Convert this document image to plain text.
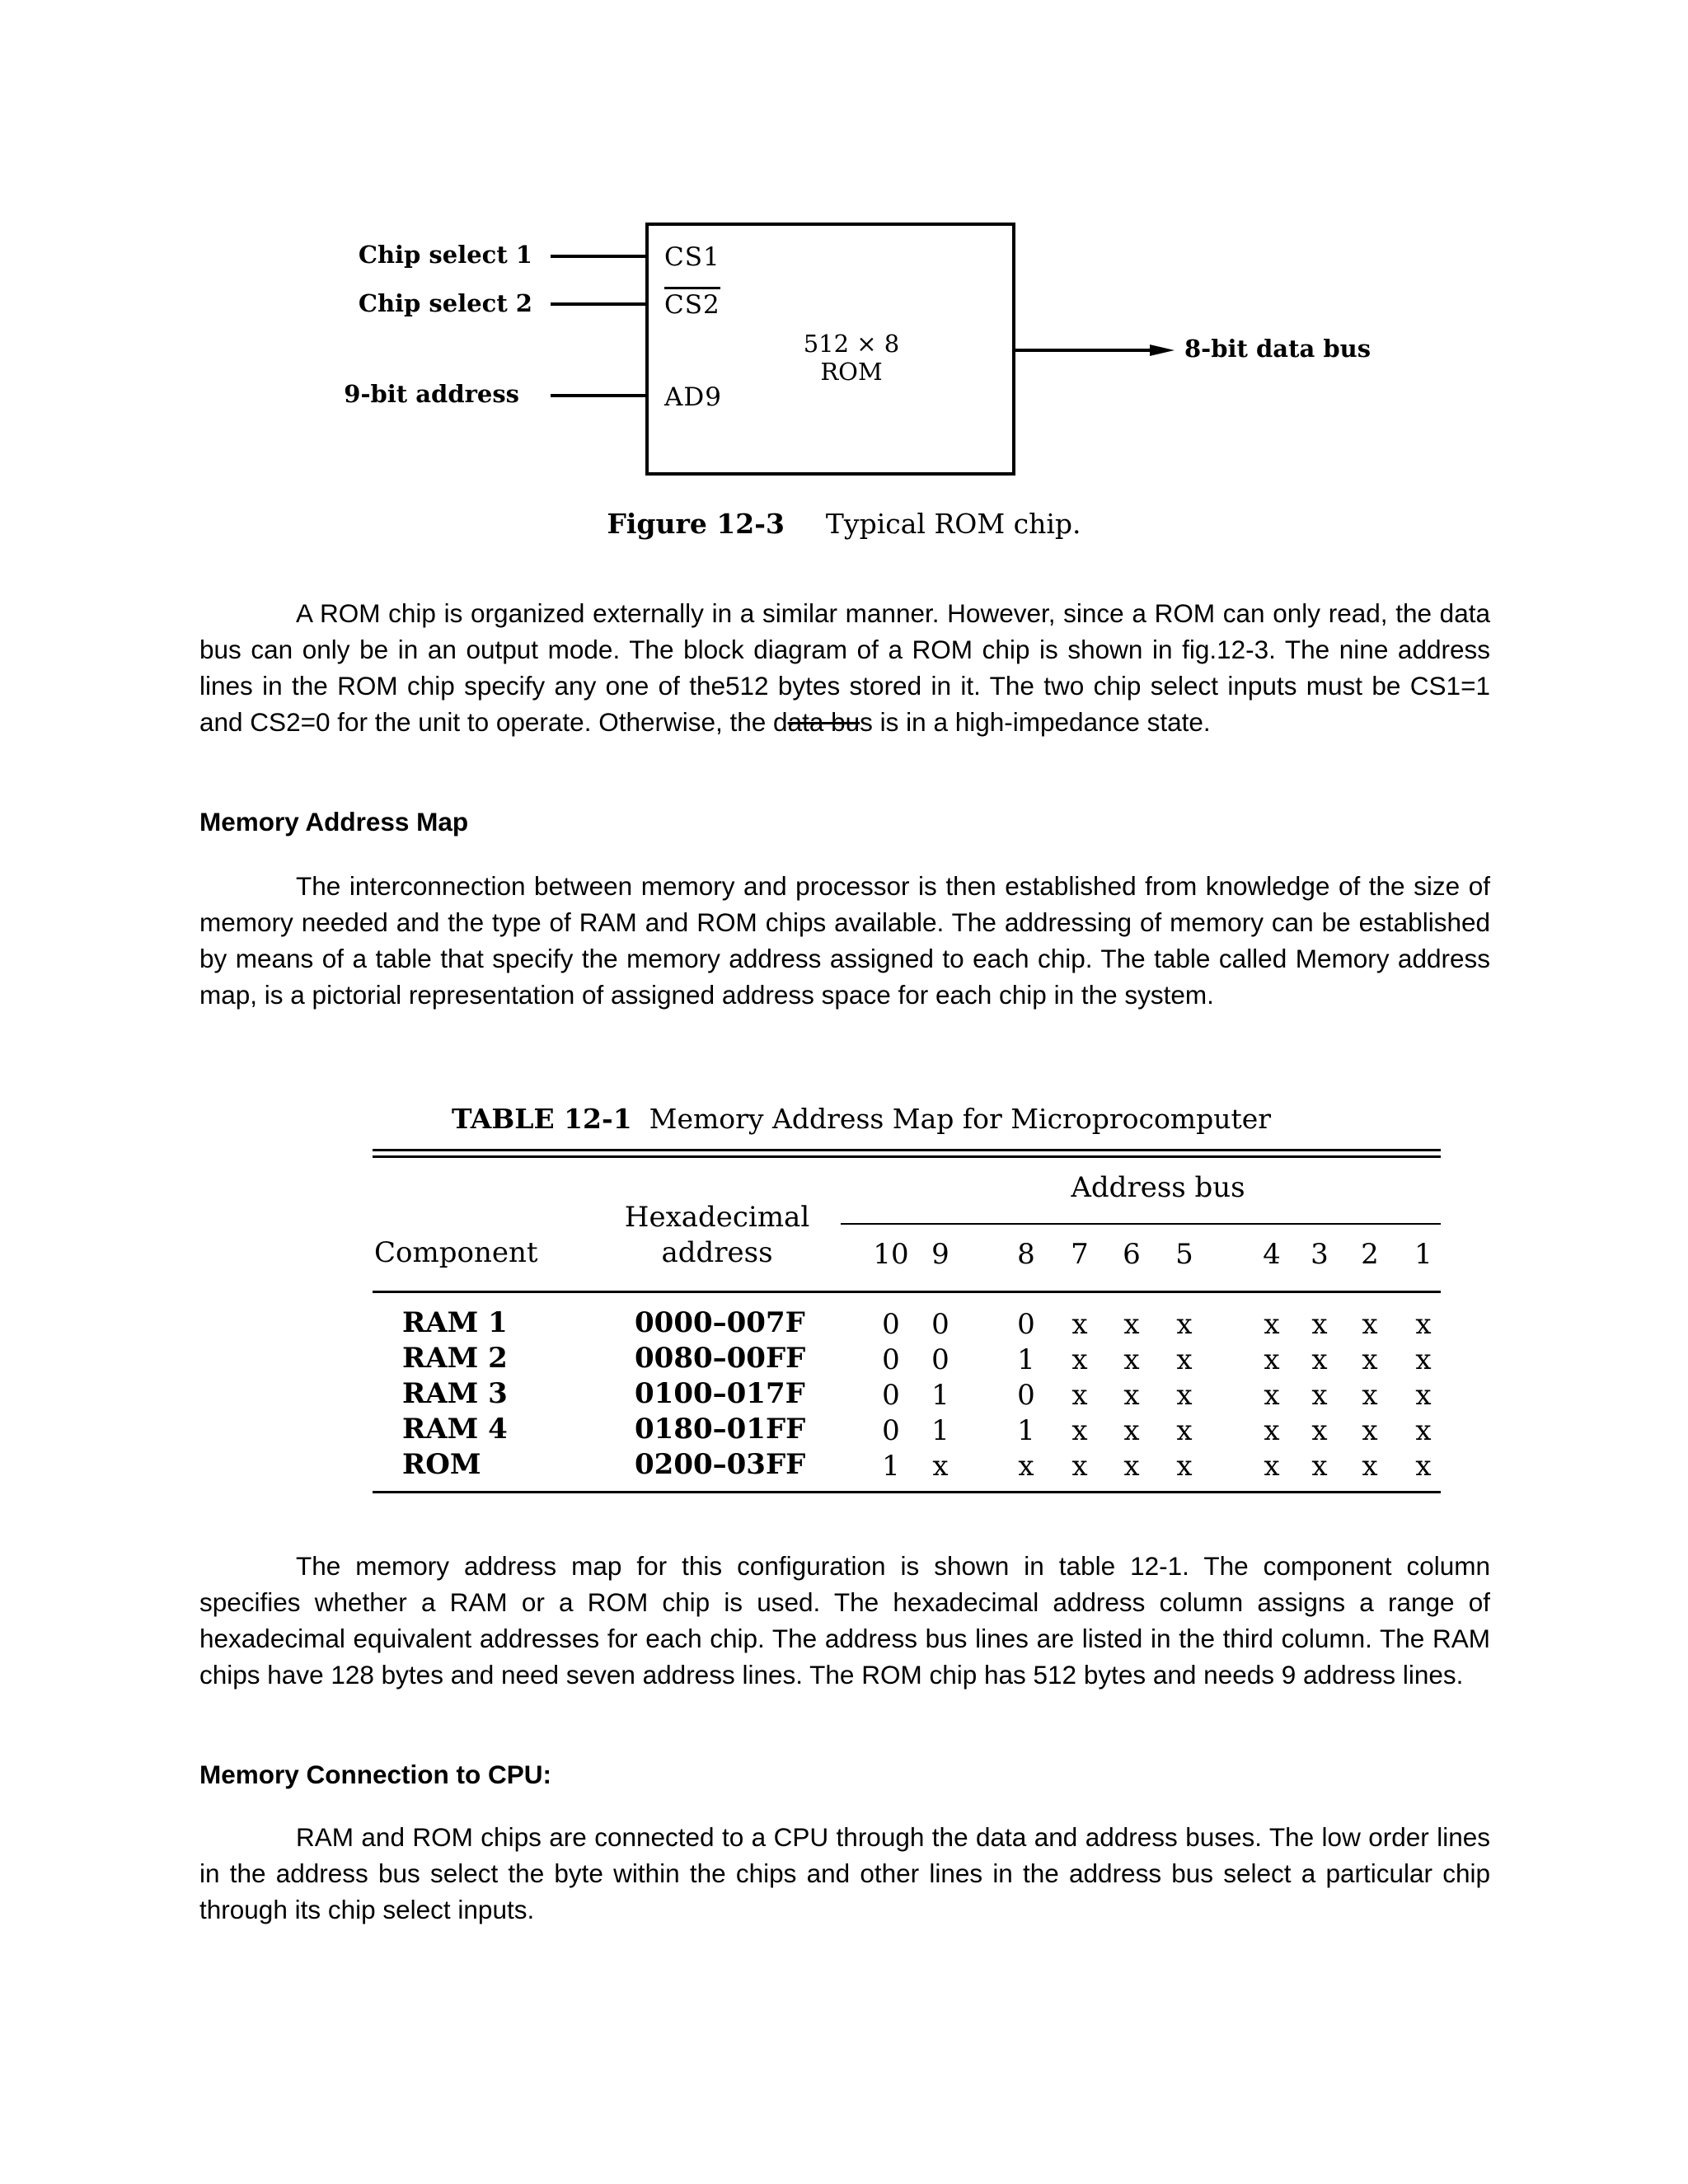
Chip select 1
Chip select 2
9-bit address
8-bit data bus
CS1
CS2
AD9
512 × 8
ROM
Figure 12-3 Typical ROM chip.

A ROM chip is organized externally in a similar manner. However, since a ROM can only read, the data bus can only be in an output mode. The block diagram of a ROM chip is shown in fig.12-3. The nine address lines in the ROM chip specify any one of the512 bytes stored in it. The two chip select inputs must be CS1=1 and CS2=0 for the unit to operate. Otherwise, the data bus is in a high-impedance state.

Memory Address Map

The interconnection between memory and processor is then established from knowledge of the size of memory needed and the type of RAM and ROM chips available. The addressing of memory can be established by means of a table that specify the memory address assigned to each chip. The table called Memory address map, is a pictorial representation of assigned address space for each chip in the system.

TABLE 12-1 Memory Address Map for Microprocomputer
Address bus
Hexadecimal
address
Component	10 9 8 7 6 5 4 3 2 1
RAM 1	0000–007F	0 0 0 x x x	x x x x
RAM 2	0080–00FF	0 0 1 x x x	x x x x
RAM 3	0100–017F	0 1 0 x x x	x x x x
RAM 4	0180–01FF	0 1 1 x x x	x x x x
ROM	0200–03FF	1 x x x x x	x x x x

The memory address map for this configuration is shown in table 12-1. The component column specifies whether a RAM or a ROM chip is used. The hexadecimal address column assigns a range of hexadecimal equivalent addresses for each chip. The address bus lines are listed in the third column. The RAM chips have 128 bytes and need seven address lines. The ROM chip has 512 bytes and needs 9 address lines.

Memory Connection to CPU:

RAM and ROM chips are connected to a CPU through the data and address buses. The low order lines in the address bus select the byte within the chips and other lines in the address bus select a particular chip through its chip select inputs.
